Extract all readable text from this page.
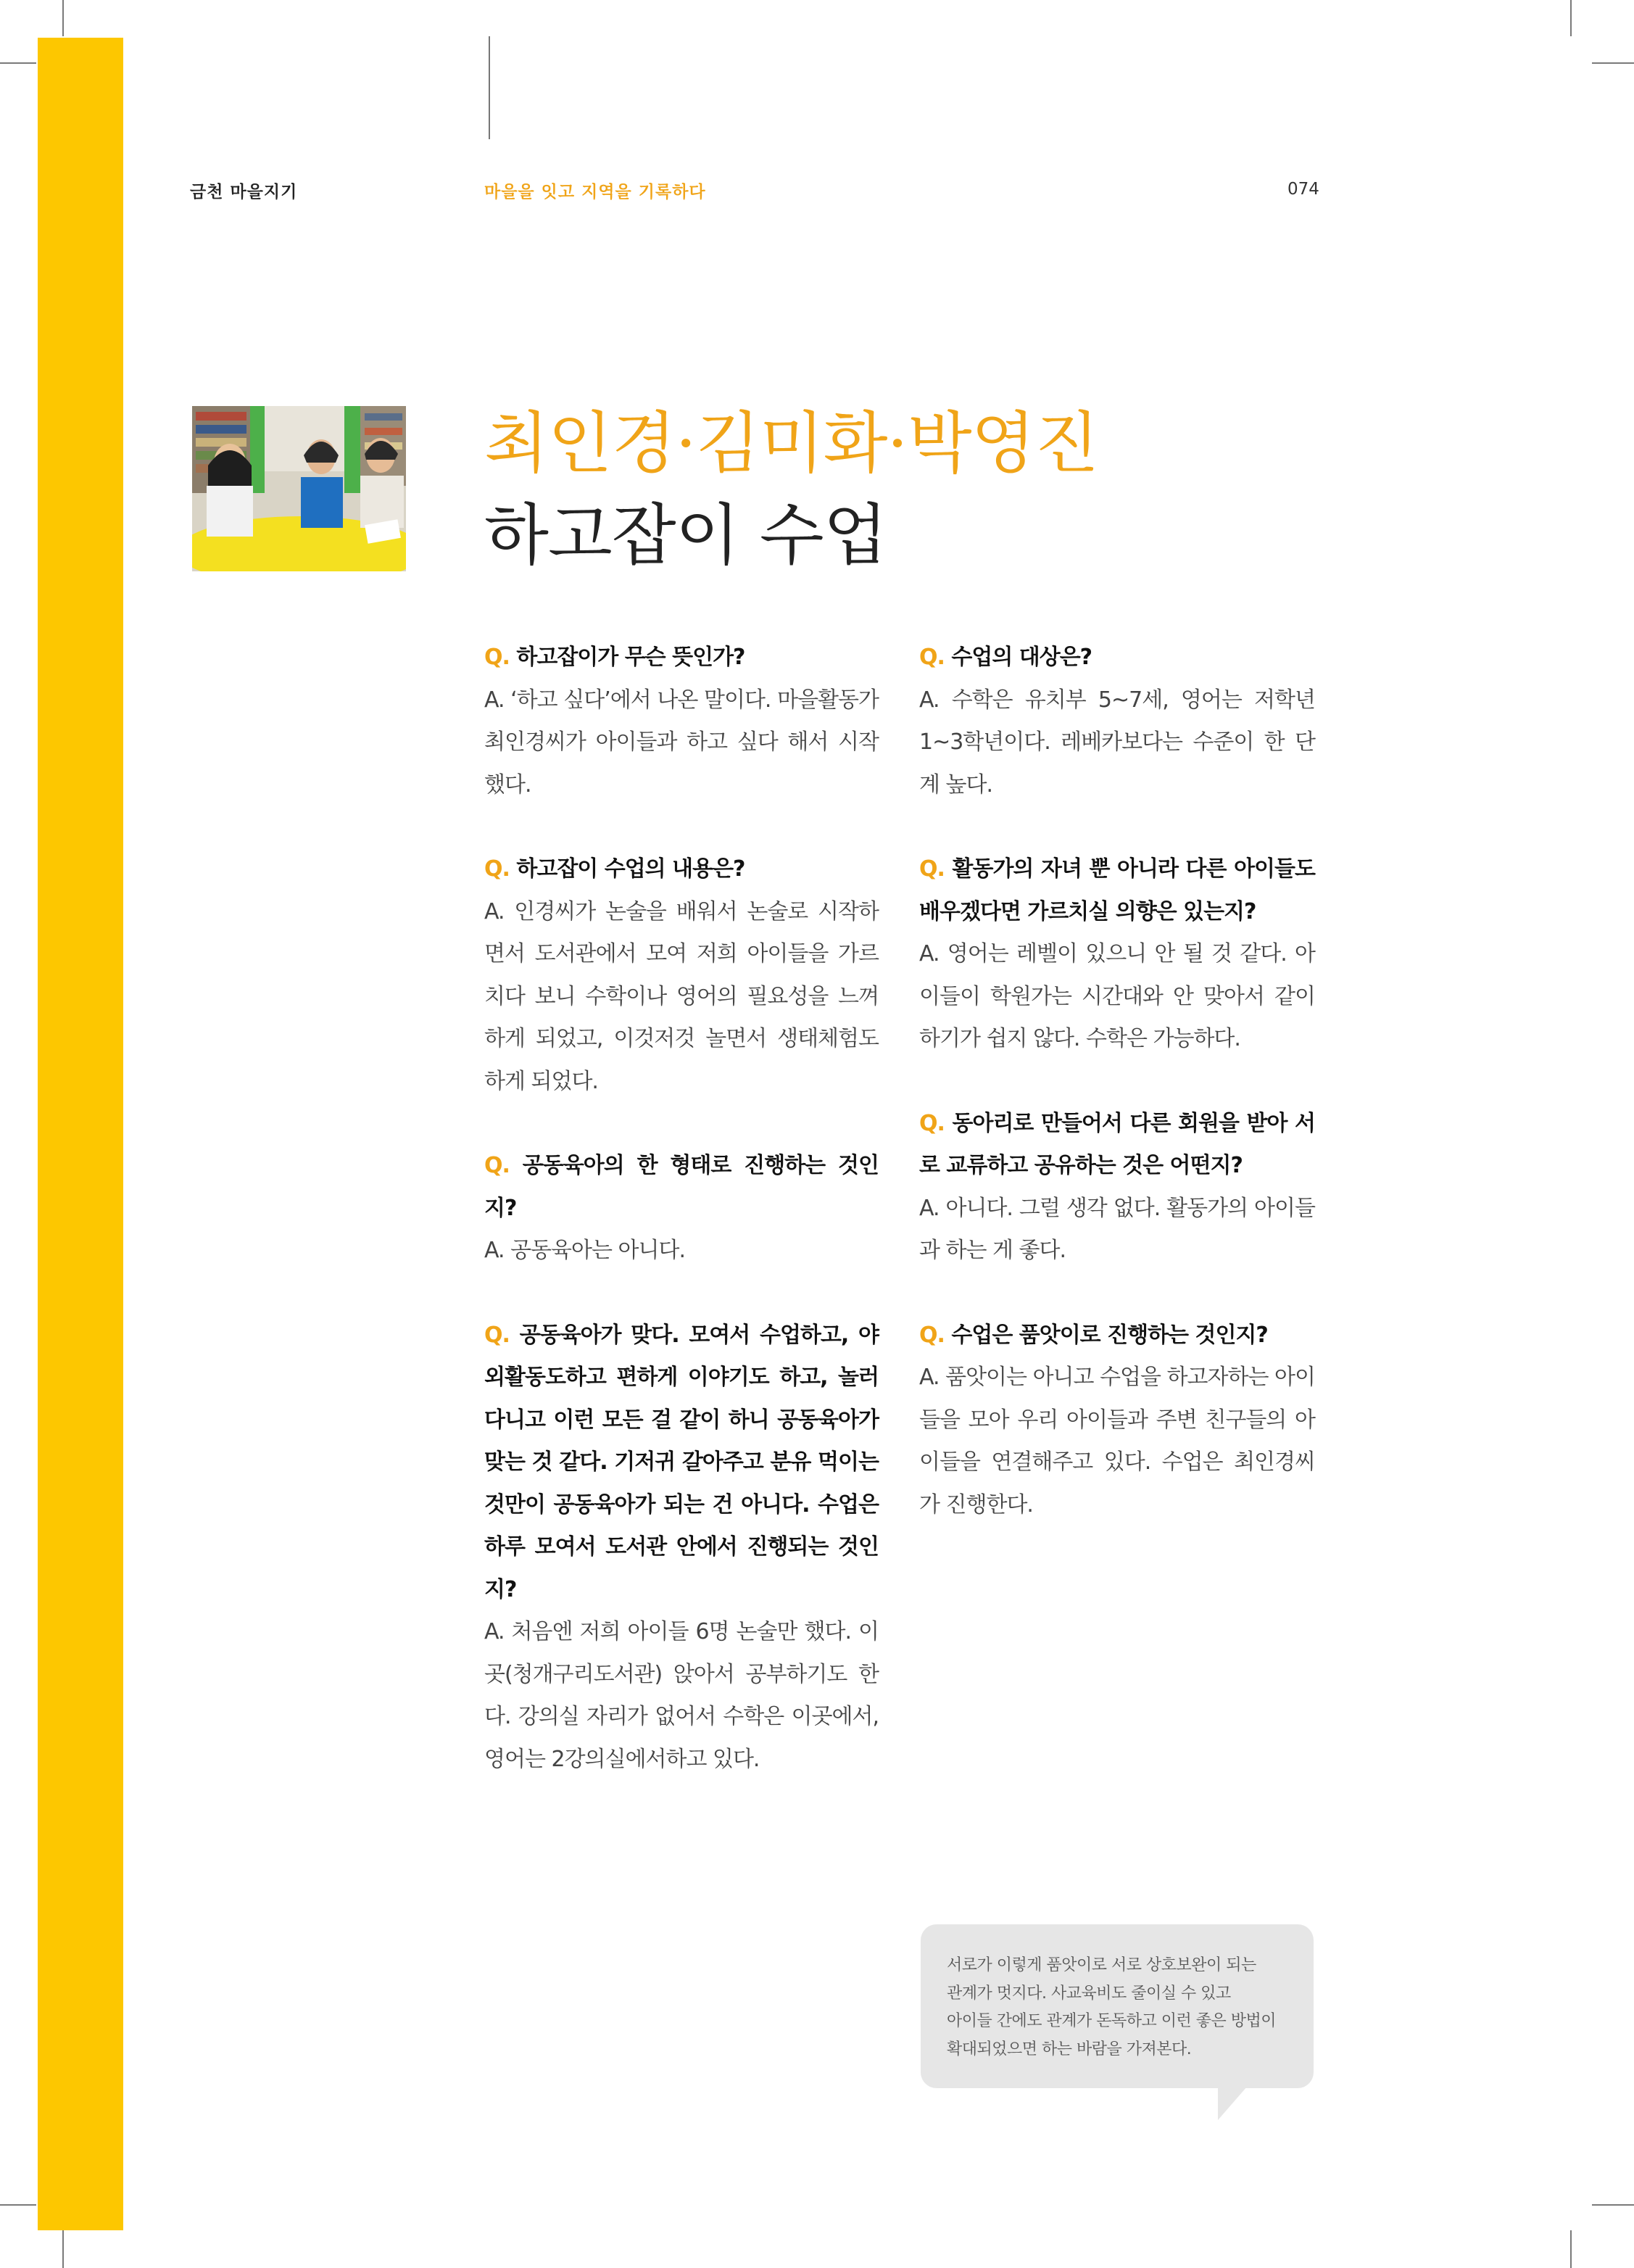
금천 마을지기	마을을 잇고 지역을 기록하다	074
최인경·김미화·박영진
하고잡이 수업
Q. 하고잡이가 무슨 뜻인가?
A. ‘하고 싶다’에서 나온 말이다. 마을활동가 최인경씨가 아이들과 하고 싶다 해서 시작했다.
Q. 하고잡이 수업의 내용은?
A. 인경씨가 논술을 배워서 논술로 시작하면서 도서관에서 모여 저희 아이들을 가르치다 보니 수학이나 영어의 필요성을 느껴 하게 되었고, 이것저것 놀면서 생태체험도 하게 되었다.
Q. 공동육아의 한 형태로 진행하는 것인지?
A. 공동육아는 아니다.
Q. 공동육아가 맞다. 모여서 수업하고, 야외활동도하고 편하게 이야기도 하고, 놀러다니고 이런 모든 걸 같이 하니 공동육아가 맞는 것 같다. 기저귀 갈아주고 분유 먹이는 것만이 공동육아가 되는 건 아니다. 수업은 하루 모여서 도서관 안에서 진행되는 것인지?
A. 처음엔 저희 아이들 6명 논술만 했다. 이 곳(청개구리도서관) 앉아서 공부하기도 한다. 강의실 자리가 없어서 수학은 이곳에서, 영어는 2강의실에서하고 있다.
Q. 수업의 대상은?
A. 수학은 유치부 5~7세, 영어는 저학년 1~3학년이다. 레베카보다는 수준이 한 단계 높다.
Q. 활동가의 자녀 뿐 아니라 다른 아이들도 배우겠다면 가르치실 의향은 있는지?
A. 영어는 레벨이 있으니 안 될 것 같다. 아이들이 학원가는 시간대와 안 맞아서 같이 하기가 쉽지 않다. 수학은 가능하다.
Q. 동아리로 만들어서 다른 회원을 받아 서로 교류하고 공유하는 것은 어떤지?
A. 아니다. 그럴 생각 없다. 활동가의 아이들과 하는 게 좋다.
Q. 수업은 품앗이로 진행하는 것인지?
A. 품앗이는 아니고 수업을 하고자하는 아이들을 모아 우리 아이들과 주변 친구들의 아이들을 연결해주고 있다. 수업은 최인경씨가 진행한다.
서로가 이렇게 품앗이로 서로 상호보완이 되는
관계가 멋지다. 사교육비도 줄이실 수 있고
아이들 간에도 관계가 돈독하고 이런 좋은 방법이
확대되었으면 하는 바람을 가져본다.
